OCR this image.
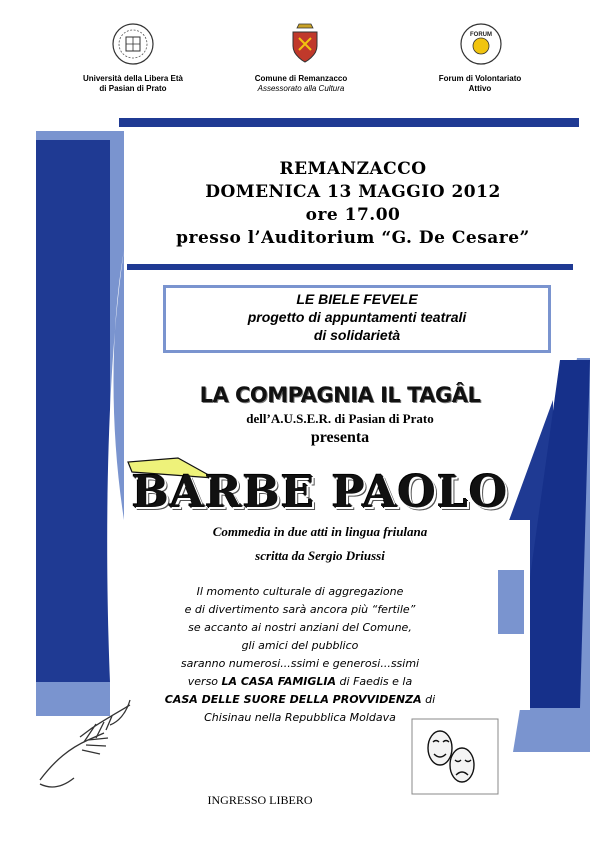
FORUM
Università della Libera Età
di Pasian di Prato
Comune di Remanzacco
Assessorato alla Cultura
Forum di Volontariato
Attivo
REMANZACCO
DOMENICA 13 MAGGIO 2012
ore 17.00
presso l’Auditorium “G. De Cesare”
LE BIELE FEVELE
progetto di appuntamenti teatrali
di solidarietà
LA COMPAGNIA IL TAGÂL
dell’A.U.S.E.R. di Pasian di Prato
presenta
BARBE PAOLO
Commedia in due atti in lingua friulana
scritta da Sergio Driussi
Il momento culturale di aggregazione
e di divertimento sarà ancora più “fertile”
se accanto ai nostri anziani del Comune,
gli amici del pubblico
saranno numerosi...ssimi e generosi...ssimi
verso LA CASA FAMIGLIA di Faedis e la
CASA DELLE SUORE DELLA PROVVIDENZA di
Chisinau nella Repubblica Moldava
INGRESSO LIBERO
